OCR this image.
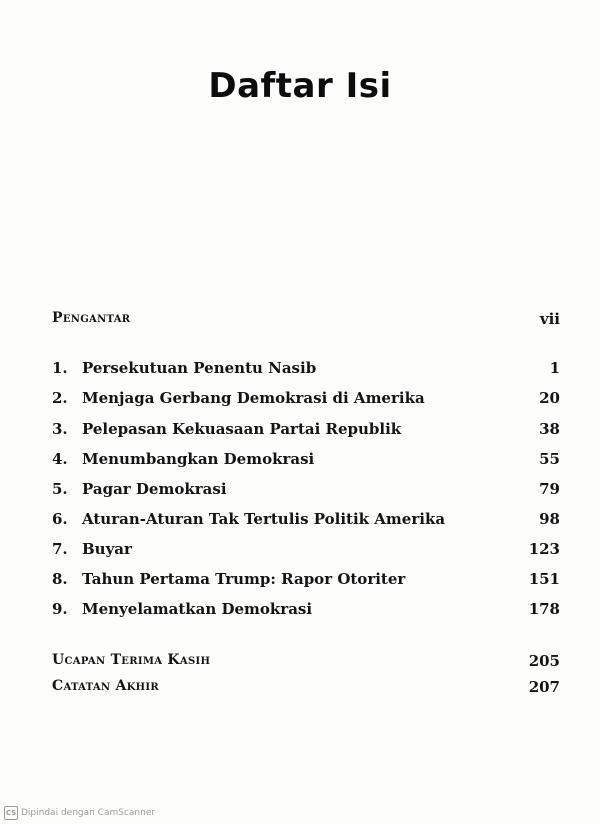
Daftar Isi
Pengantar	vii
1. Persekutuan Penentu Nasib	1
2. Menjaga Gerbang Demokrasi di Amerika	20
3. Pelepasan Kekuasaan Partai Republik	38
4. Menumbangkan Demokrasi	55
5. Pagar Demokrasi	79
6. Aturan-Aturan Tak Tertulis Politik Amerika	98
7. Buyar	123
8. Tahun Pertama Trump: Rapor Otoriter	151
9. Menyelamatkan Demokrasi	178
Ucapan Terima Kasih	205
Catatan Akhir	207
CS Dipindai dengan CamScanner
